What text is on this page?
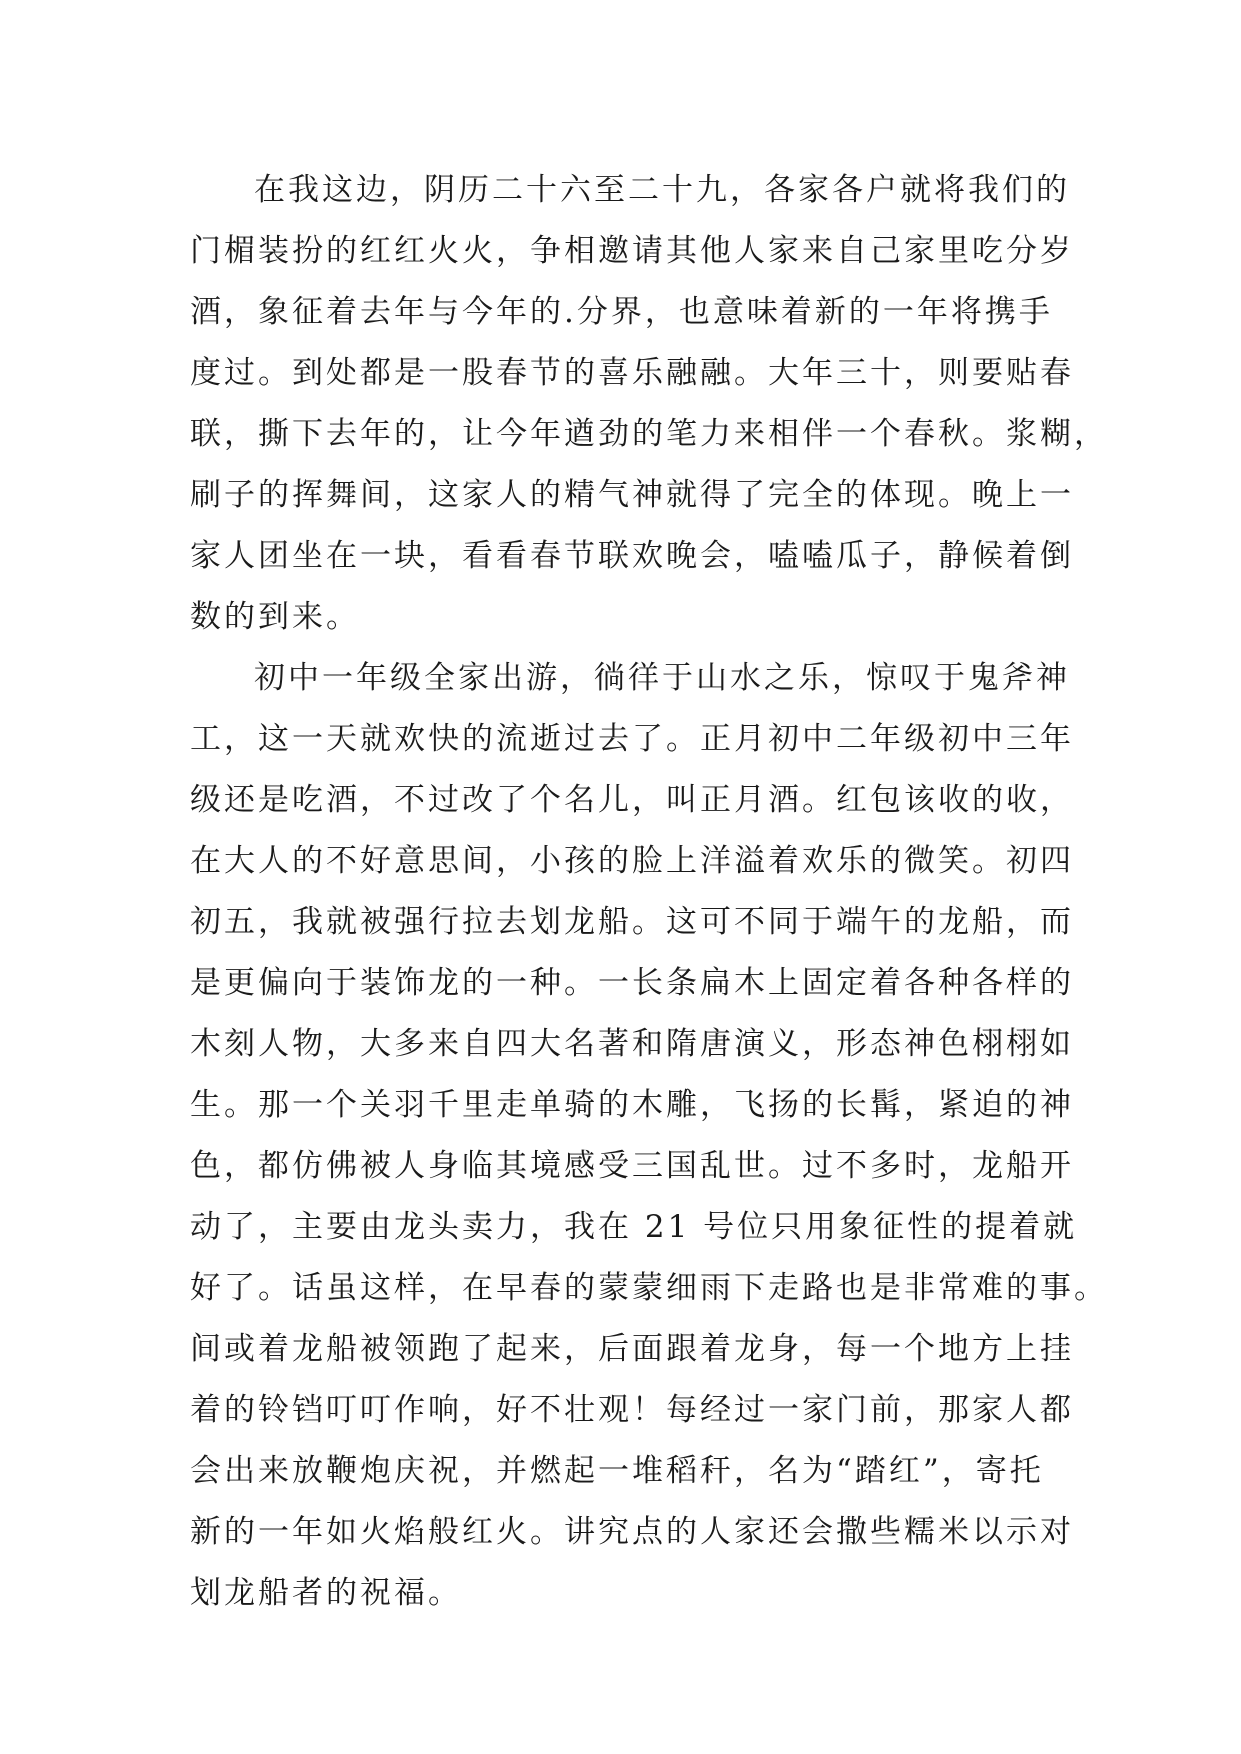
在我这边，阴历二十六至二十九，各家各户就将我们的
门楣装扮的红红火火，争相邀请其他人家来自己家里吃分岁
酒，象征着去年与今年的.分界，也意味着新的一年将携手
度过。到处都是一股春节的喜乐融融。大年三十，则要贴春
联，撕下去年的，让今年遒劲的笔力来相伴一个春秋。浆糊，
刷子的挥舞间，这家人的精气神就得了完全的体现。晚上一
家人团坐在一块，看看春节联欢晚会，嗑嗑瓜子，静候着倒
数的到来。
初中一年级全家出游，徜徉于山水之乐，惊叹于鬼斧神
工，这一天就欢快的流逝过去了。正月初中二年级初中三年
级还是吃酒，不过改了个名儿，叫正月酒。红包该收的收，
在大人的不好意思间，小孩的脸上洋溢着欢乐的微笑。初四
初五，我就被强行拉去划龙船。这可不同于端午的龙船，而
是更偏向于装饰龙的一种。一长条扁木上固定着各种各样的
木刻人物，大多来自四大名著和隋唐演义，形态神色栩栩如
生。那一个关羽千里走单骑的木雕，飞扬的长髯，紧迫的神
色，都仿佛被人身临其境感受三国乱世。过不多时，龙船开
动了，主要由龙头卖力，我在 21 号位只用象征性的提着就
好了。话虽这样，在早春的蒙蒙细雨下走路也是非常难的事。
间或着龙船被领跑了起来，后面跟着龙身，每一个地方上挂
着的铃铛叮叮作响，好不壮观！每经过一家门前，那家人都
会出来放鞭炮庆祝，并燃起一堆稻秆，名为“踏红”，寄托
新的一年如火焰般红火。讲究点的人家还会撒些糯米以示对
划龙船者的祝福。
